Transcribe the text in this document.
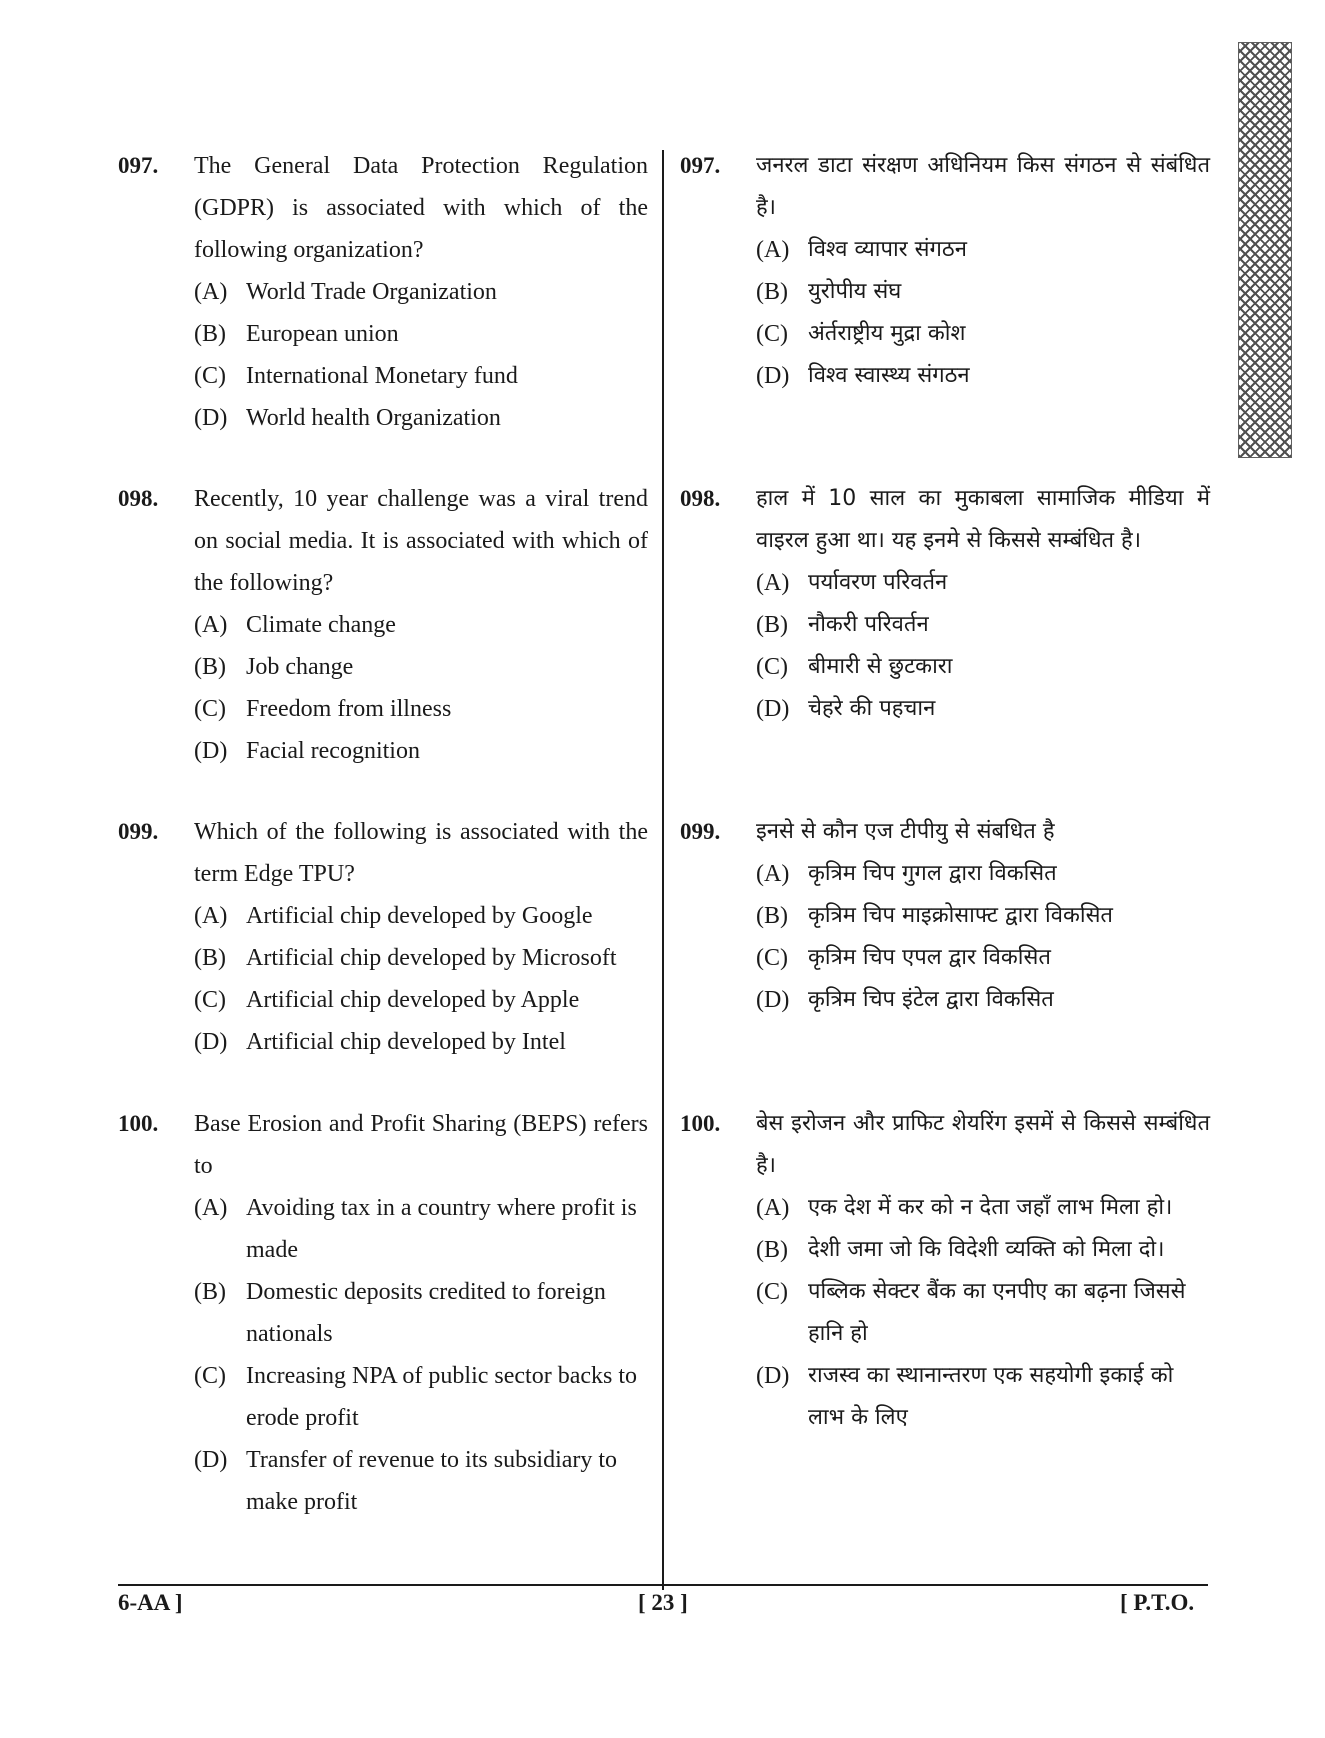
097. The General Data Protection Regulation (GDPR) is associated with which of the following organization?
(A) World Trade Organization
(B) European union
(C) International Monetary fund
(D) World health Organization
098. Recently, 10 year challenge was a viral trend on social media. It is associated with which of the following?
(A) Climate change
(B) Job change
(C) Freedom from illness
(D) Facial recognition
099. Which of the following is associated with the term Edge TPU?
(A) Artificial chip developed by Google
(B) Artificial chip developed by Microsoft
(C) Artificial chip developed by Apple
(D) Artificial chip developed by Intel
100. Base Erosion and Profit Sharing (BEPS) refers to
(A) Avoiding tax in a country where profit is made
(B) Domestic deposits credited to foreign nationals
(C) Increasing NPA of public sector backs to erode profit
(D) Transfer of revenue to its subsidiary to make profit
097. जनरल डाटा संरक्षण अधिनियम किस संगठन से संबंधित है।
(A) विश्व व्यापार संगठन
(B) युरोपीय संघ
(C) अंर्तराष्ट्रीय मुद्रा कोश
(D) विश्व स्वास्थ्य संगठन
098. हाल में 10 साल का मुकाबला सामाजिक मीडिया में वाइरल हुआ था। यह इनमे से किससे सम्बंधित है।
(A) पर्यावरण परिवर्तन
(B) नौकरी परिवर्तन
(C) बीमारी से छुटकारा
(D) चेहरे की पहचान
099. इनसे से कौन एज टीपीयु से संबधित है
(A) कृत्रिम चिप गुगल द्वारा विकसित
(B) कृत्रिम चिप माइक्रोसाफ्ट द्वारा विकसित
(C) कृत्रिम चिप एपल द्वार विकसित
(D) कृत्रिम चिप इंटेल द्वारा विकसित
100. बेस इरोजन और प्राफिट शेयरिंग इसमें से किससे सम्बंधित है।
(A) एक देश में कर को न देता जहाँ लाभ मिला हो।
(B) देशी जमा जो कि विदेशी व्यक्ति को मिला दो।
(C) पब्लिक सेक्टर बैंक का एनपीए का बढ़ना जिससे हानि हो
(D) राजस्व का स्थानान्तरण एक सहयोगी इकाई को लाभ के लिए
6-AA ]	[ 23 ]	[ P.T.O.
